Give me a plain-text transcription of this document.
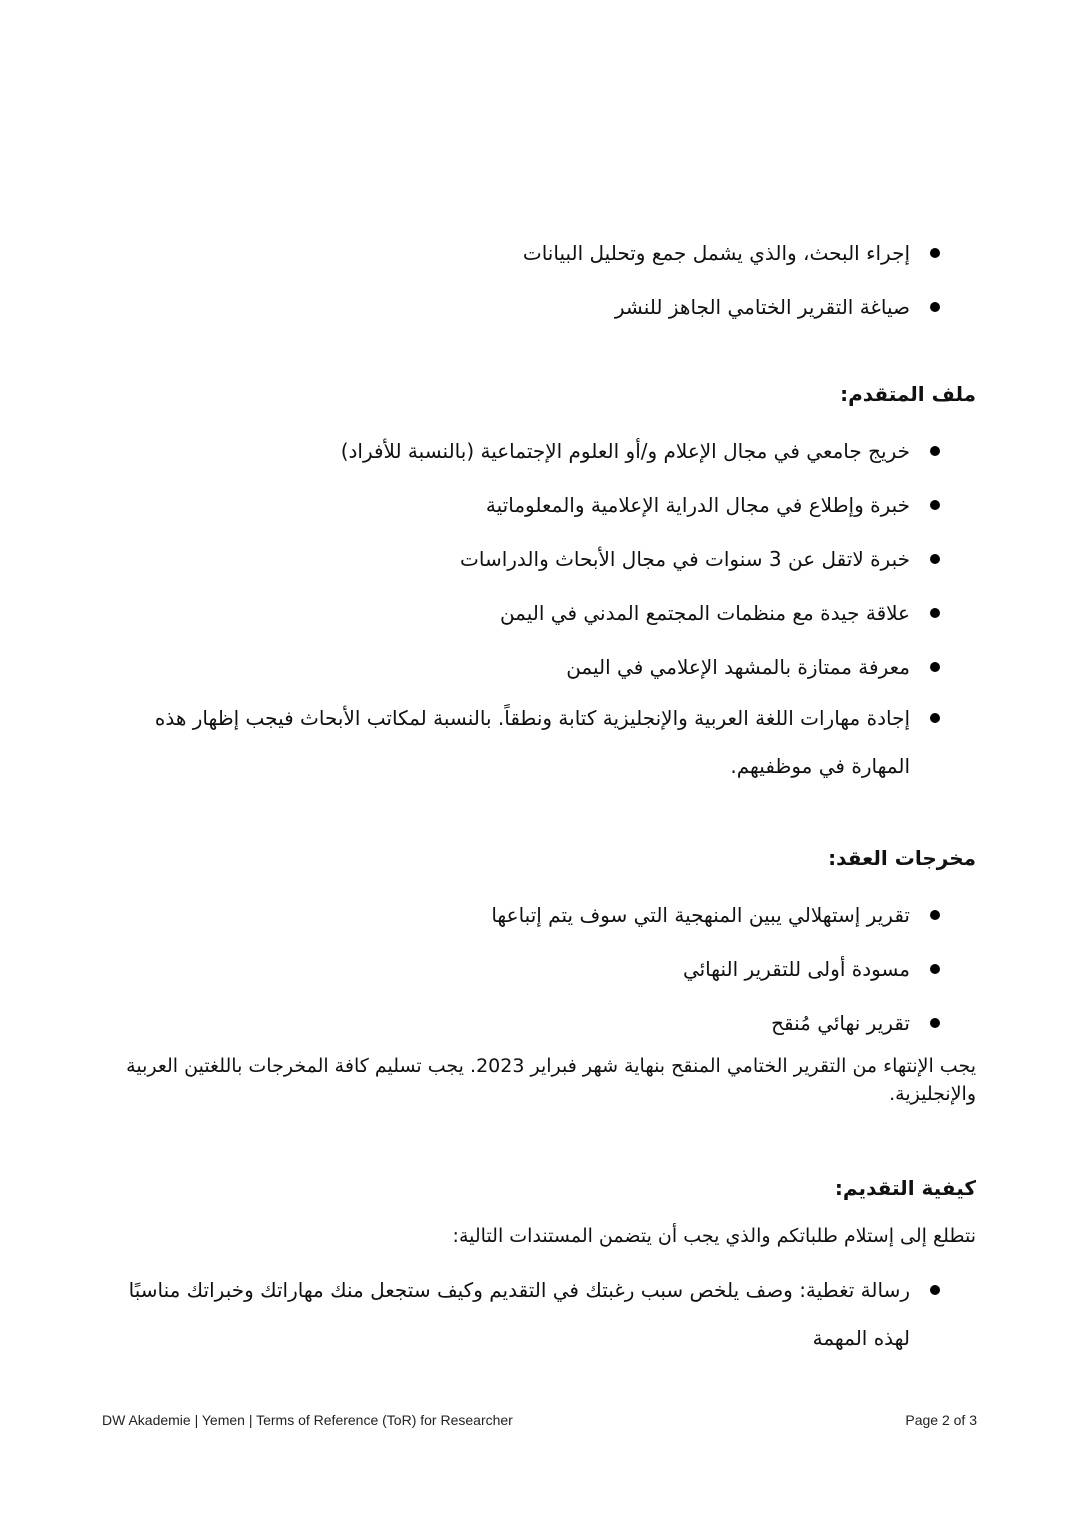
إجراء البحث، والذي يشمل جمع وتحليل البيانات
صياغة التقرير الختامي الجاهز للنشر
ملف المتقدم:
خريج جامعي في مجال الإعلام و/أو العلوم الإجتماعية (بالنسبة للأفراد)
خبرة وإطلاع في مجال الدراية الإعلامية والمعلوماتية
خبرة لاتقل عن 3 سنوات في مجال الأبحاث والدراسات
علاقة جيدة مع منظمات المجتمع المدني في اليمن
معرفة ممتازة بالمشهد الإعلامي في اليمن
إجادة مهارات اللغة العربية والإنجليزية كتابة ونطقاً. بالنسبة لمكاتب الأبحاث فيجب إظهار هذه المهارة في موظفيهم.
مخرجات العقد:
تقرير إستهلالي يبين المنهجية التي سوف يتم إتباعها
مسودة أولى للتقرير النهائي
تقرير نهائي مُنقح
يجب الإنتهاء من التقرير الختامي المنقح بنهاية شهر فبراير 2023. يجب تسليم كافة المخرجات باللغتين العربية والإنجليزية.
كيفية التقديم:
نتطلع إلى إستلام طلباتكم والذي يجب أن يتضمن المستندات التالية:
رسالة تغطية: وصف يلخص سبب رغبتك في التقديم وكيف ستجعل منك مهاراتك وخبراتك مناسبًا لهذه المهمة
DW Akademie | Yemen | Terms of Reference (ToR) for Researcher	Page 2 of 3
